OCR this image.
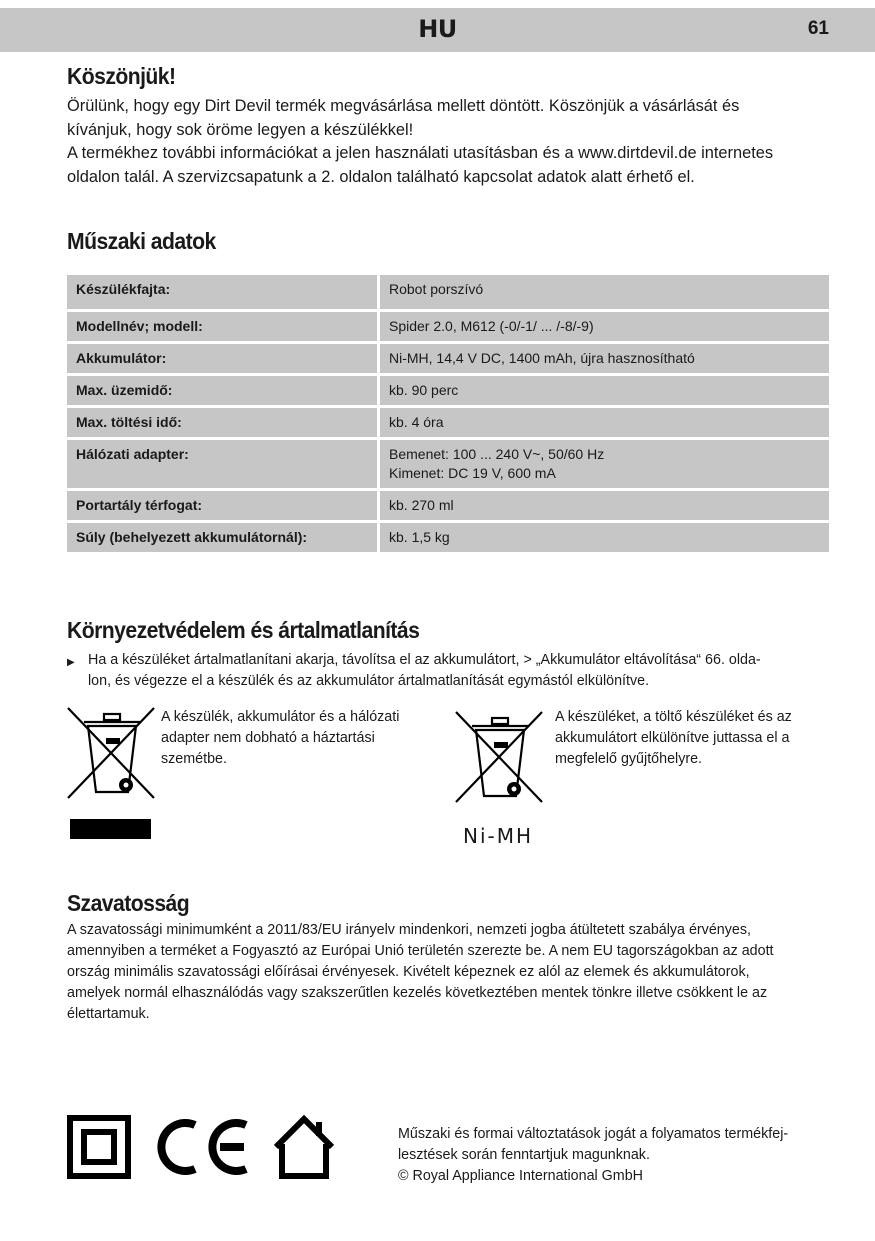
HU	61
Köszönjük!
Örülünk, hogy egy Dirt Devil termék megvásárlása mellett döntött. Köszönjük a vásárlását és
kívánjuk, hogy sok öröme legyen a készülékkel!
A termékhez további információkat a jelen használati utasításban és a www.dirtdevil.de internetes
oldalon talál. A szervizcsapatunk a 2. oldalon található kapcsolat adatok alatt érhető el.
Műszaki adatok
Készülékfajta:	Robot porszívó

Modellnév; modell:	Spider 2.0, M612 (-0/-1/ ... /-8/-9)

Akkumulátor:	Ni-MH, 14,4 V DC, 1400 mAh, újra hasznosítható

Max. üzemidő:	kb. 90 perc

Max. töltési idő:	kb. 4 óra

Hálózati adapter:	Bemenet: 100 ... 240 V~, 50/60 Hz
Kimenet: DC 19 V, 600 mA

Portartály térfogat:	kb. 270 ml

Súly (behelyezett akkumulátornál):	kb. 1,5 kg
Környezetvédelem és ártalmatlanítás
▶ Ha a készüléket ártalmatlanítani akarja, távolítsa el az akkumulátort, > „Akkumulátor eltávolítása“ 66. olda-
lon, és végezze el a készülék és az akkumulátor ártalmatlanítását egymástól elkülönítve.
A készülék, akkumulátor és a hálózati
adapter nem dobható a háztartási
szemétbe.
A készüléket, a töltő készüléket és az
akkumulátort elkülönítve juttassa el a
megfelelő gyűjtőhelyre.
Ni-MH
Szavatosság
A szavatossági minimumként a 2011/83/EU irányelv mindenkori, nemzeti jogba átültetett szabálya érvényes,
amennyiben a terméket a Fogyasztó az Európai Unió területén szerezte be. A nem EU tagországokban az adott
ország minimális szavatossági előírásai érvényesek. Kivételt képeznek ez alól az elemek és akkumulátorok,
amelyek normál elhasználódás vagy szakszerűtlen kezelés következtében mentek tönkre illetve csökkent le az
élettartamuk.
Műszaki és formai változtatások jogát a folyamatos termékfej-
lesztések során fenntartjuk magunknak.
© Royal Appliance International GmbH
